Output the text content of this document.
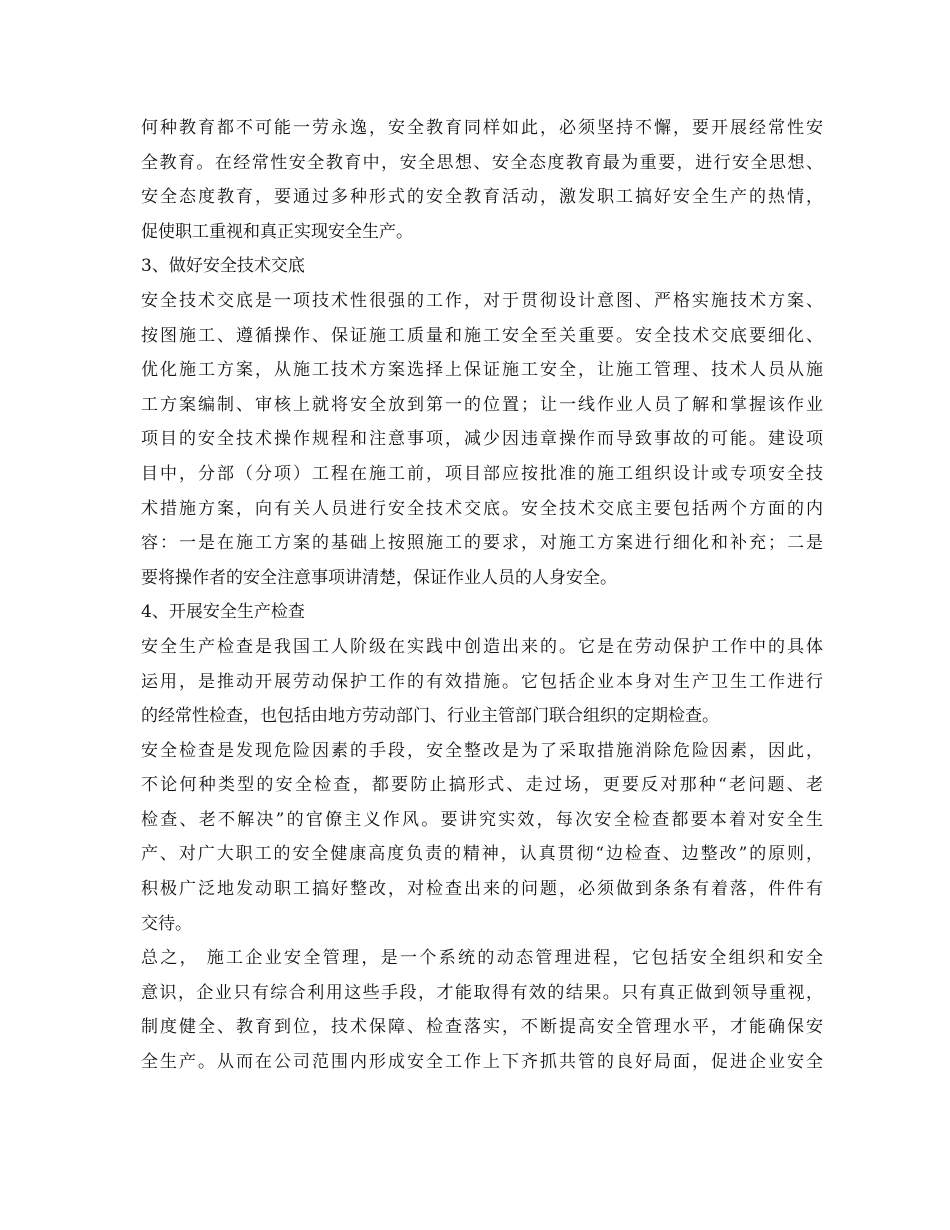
何种教育都不可能一劳永逸，安全教育同样如此，必须坚持不懈，要开展经常性安
全教育。在经常性安全教育中，安全思想、安全态度教育最为重要，进行安全思想、
安全态度教育，要通过多种形式的安全教育活动，激发职工搞好安全生产的热情，
促使职工重视和真正实现安全生产。
3、做好安全技术交底
安全技术交底是一项技术性很强的工作，对于贯彻设计意图、严格实施技术方案、
按图施工、遵循操作、保证施工质量和施工安全至关重要。安全技术交底要细化、
优化施工方案，从施工技术方案选择上保证施工安全，让施工管理、技术人员从施
工方案编制、审核上就将安全放到第一的位置；让一线作业人员了解和掌握该作业
项目的安全技术操作规程和注意事项，减少因违章操作而导致事故的可能。建设项
目中，分部（分项）工程在施工前，项目部应按批准的施工组织设计或专项安全技
术措施方案，向有关人员进行安全技术交底。安全技术交底主要包括两个方面的内
容：一是在施工方案的基础上按照施工的要求，对施工方案进行细化和补充；二是
要将操作者的安全注意事项讲清楚，保证作业人员的人身安全。
4、开展安全生产检查
安全生产检查是我国工人阶级在实践中创造出来的。它是在劳动保护工作中的具体
运用，是推动开展劳动保护工作的有效措施。它包括企业本身对生产卫生工作进行
的经常性检查，也包括由地方劳动部门、行业主管部门联合组织的定期检查。
安全检查是发现危险因素的手段，安全整改是为了采取措施消除危险因素，因此，
不论何种类型的安全检查，都要防止搞形式、走过场，更要反对那种“老问题、老
检查、老不解决”的官僚主义作风。要讲究实效，每次安全检查都要本着对安全生
产、对广大职工的安全健康高度负责的精神，认真贯彻“边检查、边整改”的原则，
积极广泛地发动职工搞好整改，对检查出来的问题，必须做到条条有着落，件件有
交待。
总之， 施工企业安全管理，是一个系统的动态管理进程，它包括安全组织和安全
意识，企业只有综合利用这些手段，才能取得有效的结果。只有真正做到领导重视，
制度健全、教育到位，技术保障、检查落实，不断提高安全管理水平，才能确保安
全生产。从而在公司范围内形成安全工作上下齐抓共管的良好局面，促进企业安全
